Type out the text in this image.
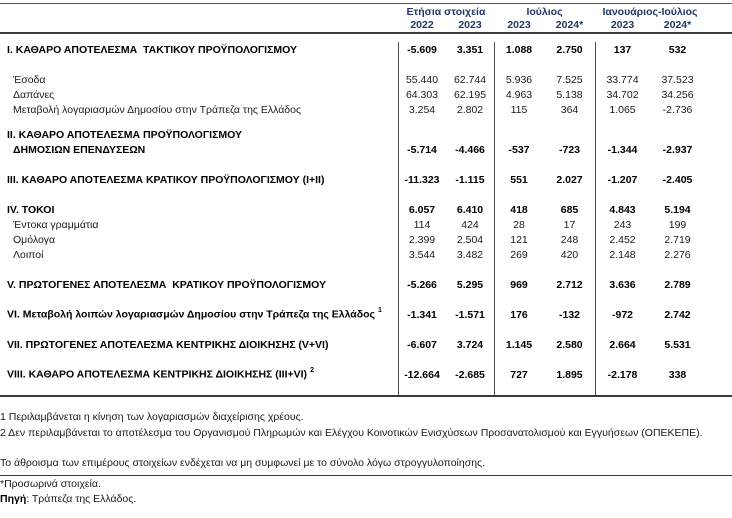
Ετήσια στοιχεία	Ιούλιος	Ιανουάριος-Ιούλιος
2022	2023	2023	2024*	2023	2024*
I. ΚΑΘΑΡΟ ΑΠΟΤΕΛΕΣΜΑ  ΤΑΚΤΙΚΟΥ ΠΡΟΫΠΟΛΟΓΙΣΜΟΥ	-5.609	3.351	1.088	2.750	137	532
Έσοδα	55.440	62.744	5.936	7.525	33.774	37.523
Δαπάνες	64.303	62.195	4.963	5.138	34.702	34.256
Μεταβολή λογαριασμών Δημοσίου στην Τράπεζα της Ελλάδος	3.254	2.802	115	364	1.065	-2.736
II. ΚΑΘΑΡΟ ΑΠΟΤΕΛΕΣΜΑ ΠΡΟΫΠΟΛΟΓΙΣΜΟΥ
ΔΗΜΟΣΙΩΝ ΕΠΕΝΔΥΣΕΩΝ	-5.714	-4.466	-537	-723	-1.344	-2.937
III. ΚΑΘΑΡΟ ΑΠΟΤΕΛΕΣΜΑ ΚΡΑΤΙΚΟΥ ΠΡΟΫΠΟΛΟΓΙΣΜΟΥ (I+II)	-11.323	-1.115	551	2.027	-1.207	-2.405
IV. ΤΟΚΟΙ	6.057	6.410	418	685	4.843	5.194
Έντοκα γραμμάτια	114	424	28	17	243	199
Ομόλογα	2.399	2.504	121	248	2.452	2.719
Λοιποί	3.544	3.482	269	420	2.148	2.276
V. ΠΡΩΤΟΓΕΝΕΣ ΑΠΟΤΕΛΕΣΜΑ  ΚΡΑΤΙΚΟΥ ΠΡΟΫΠΟΛΟΓΙΣΜΟΥ	-5.266	5.295	969	2.712	3.636	2.789
VI. Μεταβολή λοιπών λογαριασμών Δημοσίου στην Τράπεζα της Ελλάδος $^1$	-1.341	-1.571	176	-132	-972	2.742
VII. ΠΡΩΤΟΓΕΝΕΣ ΑΠΟΤΕΛΕΣΜΑ ΚΕΝΤΡΙΚΗΣ ΔΙΟΙΚΗΣΗΣ (V+VI)	-6.607	3.724	1.145	2.580	2.664	5.531
VIII. ΚΑΘΑΡΟ ΑΠΟΤΕΛΕΣΜΑ ΚΕΝΤΡΙΚΗΣ ΔΙΟΙΚΗΣΗΣ (III+VI) $^2$	-12.664	-2.685	727	1.895	-2.178	338
1 Περιλαμβάνεται η κίνηση των λογαριασμών διαχείρισης χρέους.
2 Δεν περιλαμβάνεται το αποτέλεσμα του Οργανισμού Πληρωμών και Ελέγχου Κοινοτικών Ενισχύσεων Προσανατολισμού και Εγγυήσεων (ΟΠΕΚΕΠΕ).
Το άθροισμα των επιμέρους στοιχείων ενδέχεται να μη συμφωνεί με το σύνολο λόγω στρογγυλοποίησης.
*Προσωρινά στοιχεία.
Πηγή: Τράπεζα της Ελλάδος.
